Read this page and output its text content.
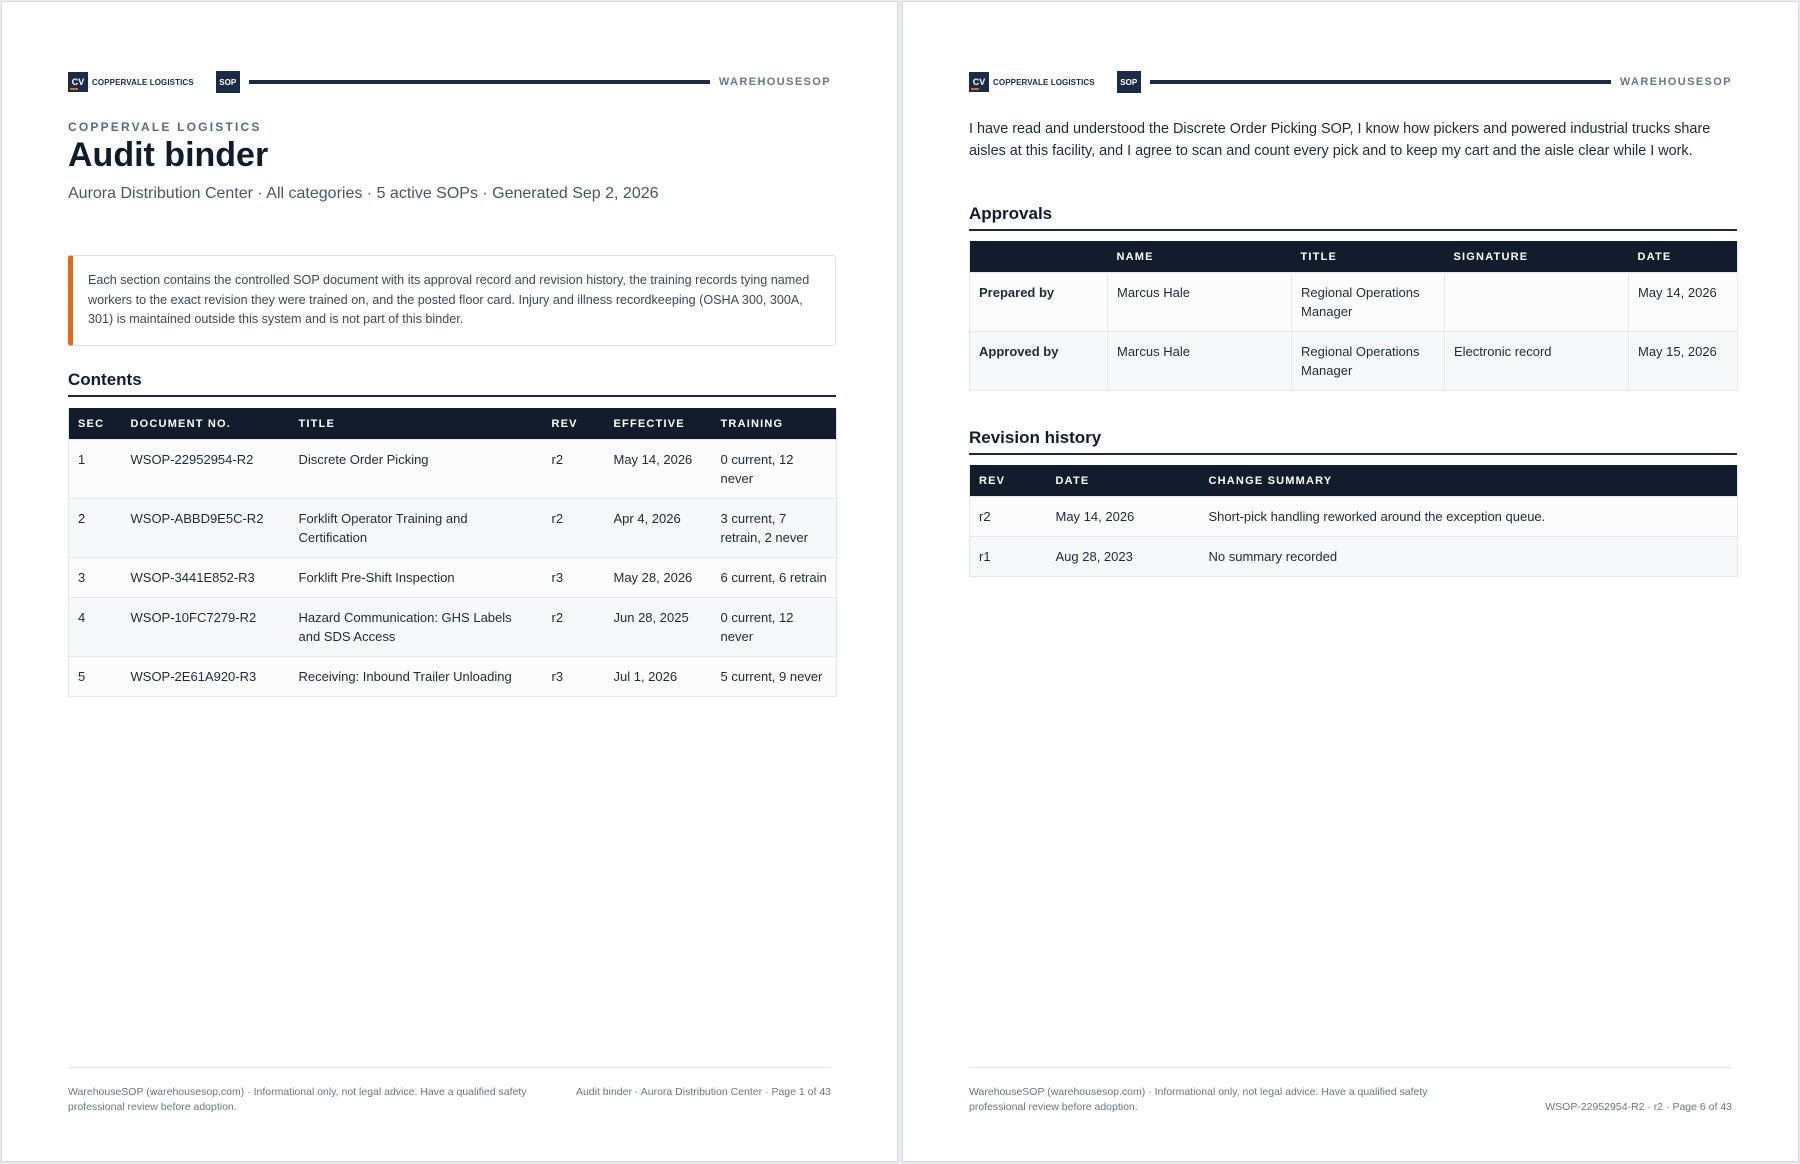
CV COPPERVALE LOGISTICS	SOP	WAREHOUSESOP
COPPERVALE LOGISTICS
Audit binder
Aurora Distribution Center · All categories · 5 active SOPs · Generated Sep 2, 2026
Each section contains the controlled SOP document with its approval record and revision history, the training records tying named workers to the exact revision they were trained on, and the posted floor card. Injury and illness recordkeeping (OSHA 300, 300A, 301) is maintained outside this system and is not part of this binder.
Contents
SEC	DOCUMENT NO.	TITLE	REV	EFFECTIVE	TRAINING
1	WSOP-22952954-R2	Discrete Order Picking	r2	May 14, 2026	0 current, 12 never
2	WSOP-ABBD9E5C-R2	Forklift Operator Training and Certification	r2	Apr 4, 2026	3 current, 7 retrain, 2 never
3	WSOP-3441E852-R3	Forklift Pre-Shift Inspection	r3	May 28, 2026	6 current, 6 retrain
4	WSOP-10FC7279-R2	Hazard Communication: GHS Labels and SDS Access	r2	Jun 28, 2025	0 current, 12 never
5	WSOP-2E61A920-R3	Receiving: Inbound Trailer Unloading	r3	Jul 1, 2026	5 current, 9 never
WarehouseSOP (warehousesop.com) · Informational only, not legal advice. Have a qualified safety professional review before adoption.
Audit binder · Aurora Distribution Center · Page 1 of 43
CV COPPERVALE LOGISTICS	SOP	WAREHOUSESOP

I have read and understood the Discrete Order Picking SOP, I know how pickers and powered industrial trucks share aisles at this facility, and I agree to scan and count every pick and to keep my cart and the aisle clear while I work.

Approvals
	NAME	TITLE	SIGNATURE	DATE
Prepared by	Marcus Hale	Regional Operations Manager		May 14, 2026
Approved by	Marcus Hale	Regional Operations Manager	Electronic record	May 15, 2026
Revision history
REV	DATE	CHANGE SUMMARY
r2	May 14, 2026	Short-pick handling reworked around the exception queue.
r1	Aug 28, 2023	No summary recorded
WarehouseSOP (warehousesop.com) · Informational only, not legal advice. Have a qualified safety professional review before adoption.	WSOP-22952954-R2 · r2 · Page 6 of 43
